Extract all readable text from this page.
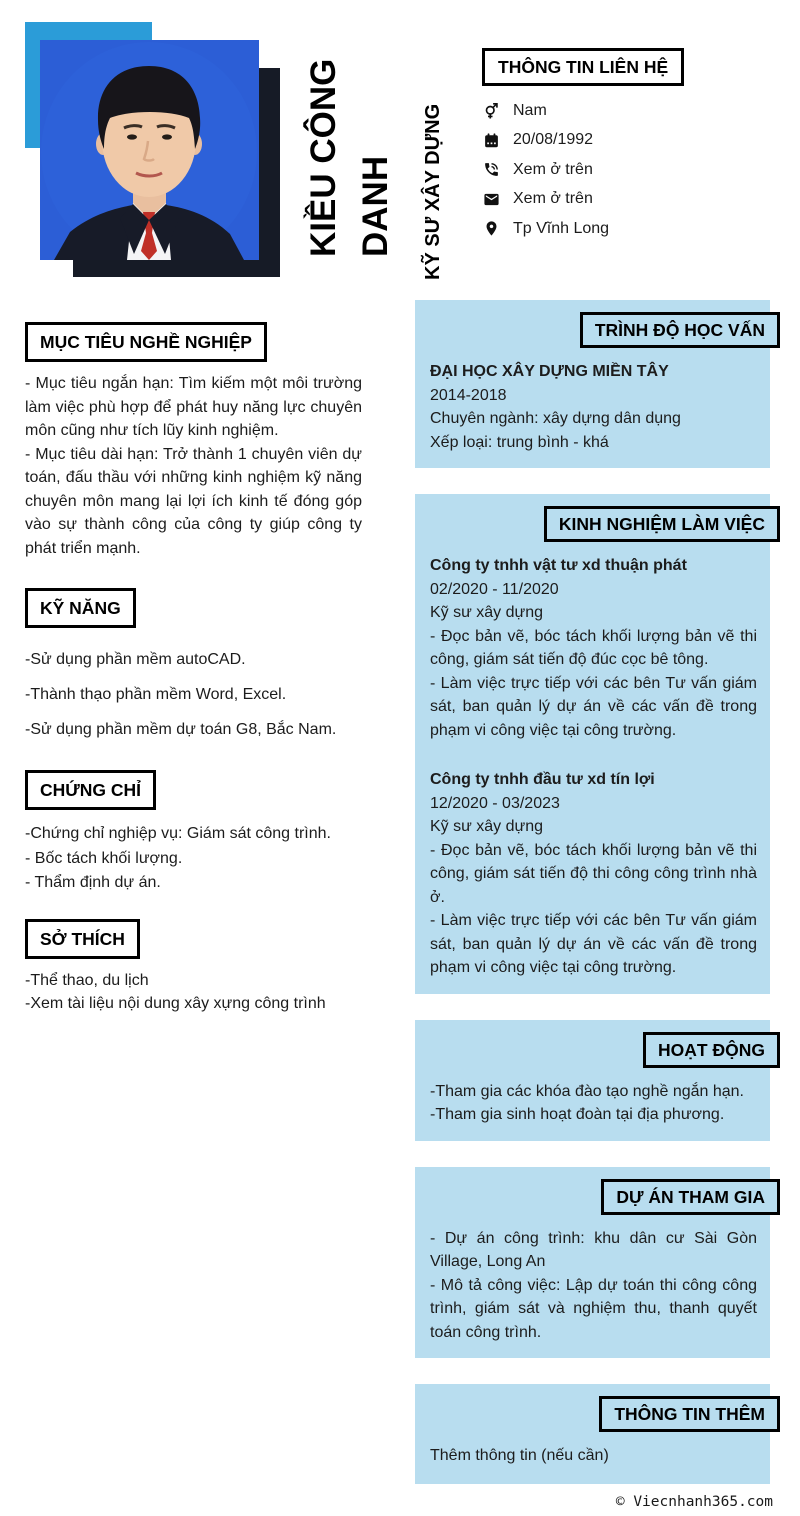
KIỀU CÔNG DANH	KỸ SƯ XÂY DỰNG
THÔNG TIN LIÊN HỆ
Nam
20/08/1992
Xem ở trên
Xem ở trên
Tp Vĩnh Long
MỤC TIÊU NGHỀ NGHIỆP

- Mục tiêu ngắn hạn: Tìm kiếm một môi trường làm việc phù hợp để phát huy năng lực chuyên môn cũng như tích lũy kinh nghiệm.

- Mục tiêu dài hạn: Trở thành 1 chuyên viên dự toán, đấu thầu với những kinh nghiệm kỹ năng chuyên môn mang lại lợi ích kinh tế đóng góp vào sự thành công của công ty giúp công ty phát triển mạnh.

KỸ NĂNG

-Sử dụng phần mềm autoCAD.

-Thành thạo phần mềm Word, Excel.

-Sử dụng phần mềm dự toán G8, Bắc Nam.

CHỨNG CHỈ

-Chứng chỉ nghiệp vụ: Giám sát công trình.

- Bốc tách khối lượng.

- Thẩm định dự án.

SỞ THÍCH

-Thể thao, du lịch

-Xem tài liệu nội dung xây xựng công trình

TRÌNH ĐỘ HỌC VẤN

ĐẠI HỌC XÂY DỰNG MIỀN TÂY

2014-2018

Chuyên ngành: xây dựng dân dụng

Xếp loại: trung bình - khá

KINH NGHIỆM LÀM VIỆC

Công ty tnhh vật tư xd thuận phát

02/2020 - 11/2020

Kỹ sư xây dựng

- Đọc bản vẽ, bóc tách khối lượng bản vẽ thi công, giám sát tiến độ đúc cọc bê tông.

- Làm việc trực tiếp với các bên Tư vấn giám sát, ban quản lý dự án về các vấn đề trong phạm vi công việc tại công trường.

Công ty tnhh đầu tư xd tín lợi

12/2020 - 03/2023

Kỹ sư xây dựng

- Đọc bản vẽ, bóc tách khối lượng bản vẽ thi công, giám sát tiến độ thi công công trình nhà ở.

- Làm việc trực tiếp với các bên Tư vấn giám sát, ban quản lý dự án về các vấn đề trong phạm vi công việc tại công trường.

HOẠT ĐỘNG

-Tham gia các khóa đào tạo nghề ngắn hạn.

-Tham gia sinh hoạt đoàn tại địa phương.

DỰ ÁN THAM GIA

- Dự án công trình: khu dân cư Sài Gòn Village, Long An

- Mô tả công việc: Lập dự toán thi công công trình, giám sát và nghiệm thu, thanh quyết toán công trình.

THÔNG TIN THÊM

Thêm thông tin (nếu cần)

© Viecnhanh365.com
